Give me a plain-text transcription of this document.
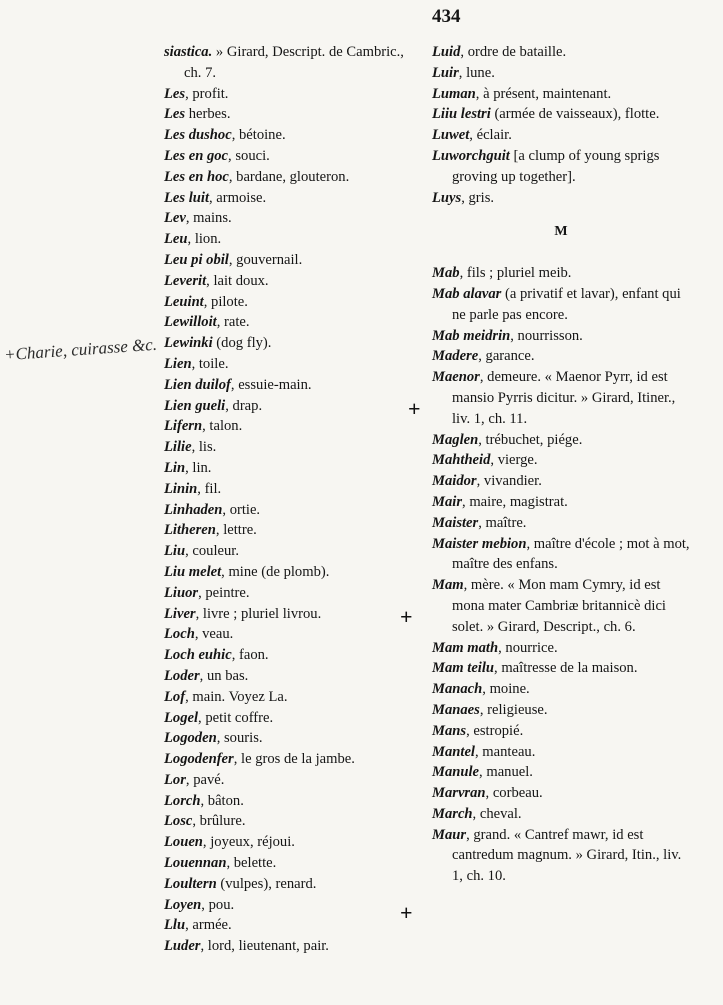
434
+Charie, cuirasse &c.
+
+
+
siastica. » Girard, Descript. de Cambric., ch. 7.
Les, profit.
Les herbes.
Les dushoc, bétoine.
Les en goc, souci.
Les en hoc, bardane, glouteron.
Les luit, armoise.
Lev, mains.
Leu, lion.
Leu pi obil, gouvernail.
Leverit, lait doux.
Leuint, pilote.
Lewilloit, rate.
Lewinki (dog fly).
Lien, toile.
Lien duilof, essuie-main.
Lien gueli, drap.
Lifern, talon.
Lilie, lis.
Lin, lin.
Linin, fil.
Linhaden, ortie.
Litheren, lettre.
Liu, couleur.
Liu melet, mine (de plomb).
Liuor, peintre.
Liver, livre ; pluriel livrou.
Loch, veau.
Loch euhic, faon.
Loder, un bas.
Lof, main. Voyez La.
Logel, petit coffre.
Logoden, souris.
Logodenfer, le gros de la jambe.
Lor, pavé.
Lorch, bâton.
Losc, brûlure.
Louen, joyeux, réjoui.
Louennan, belette.
Loultern (vulpes), renard.
Loyen, pou.
Llu, armée.
Luder, lord, lieutenant, pair.
Luid, ordre de bataille.
Luir, lune.
Luman, à présent, maintenant.
Liiu lestri (armée de vaisseaux), flotte.
Luwet, éclair.
Luworchguit [a clump of young sprigs groving up together].
Luys, gris.
M
Mab, fils ; pluriel meib.
Mab alavar (a privatif et lavar), enfant qui ne parle pas encore.
Mab meidrin, nourrisson.
Madere, garance.
Maenor, demeure. « Maenor Pyrr, id est mansio Pyrris dicitur. » Girard, Itiner., liv. 1, ch. 11.
Maglen, trébuchet, piége.
Mahtheid, vierge.
Maidor, vivandier.
Mair, maire, magistrat.
Maister, maître.
Maister mebion, maître d'école ; mot à mot, maître des enfans.
Mam, mère. « Mon mam Cymry, id est mona mater Cambriæ britannicè dici solet. » Girard, Descript., ch. 6.
Mam math, nourrice.
Mam teilu, maîtresse de la maison.
Manach, moine.
Manaes, religieuse.
Mans, estropié.
Mantel, manteau.
Manule, manuel.
Marvran, corbeau.
March, cheval.
Maur, grand. « Cantref mawr, id est cantredum magnum. » Girard, Itin., liv. 1, ch. 10.
